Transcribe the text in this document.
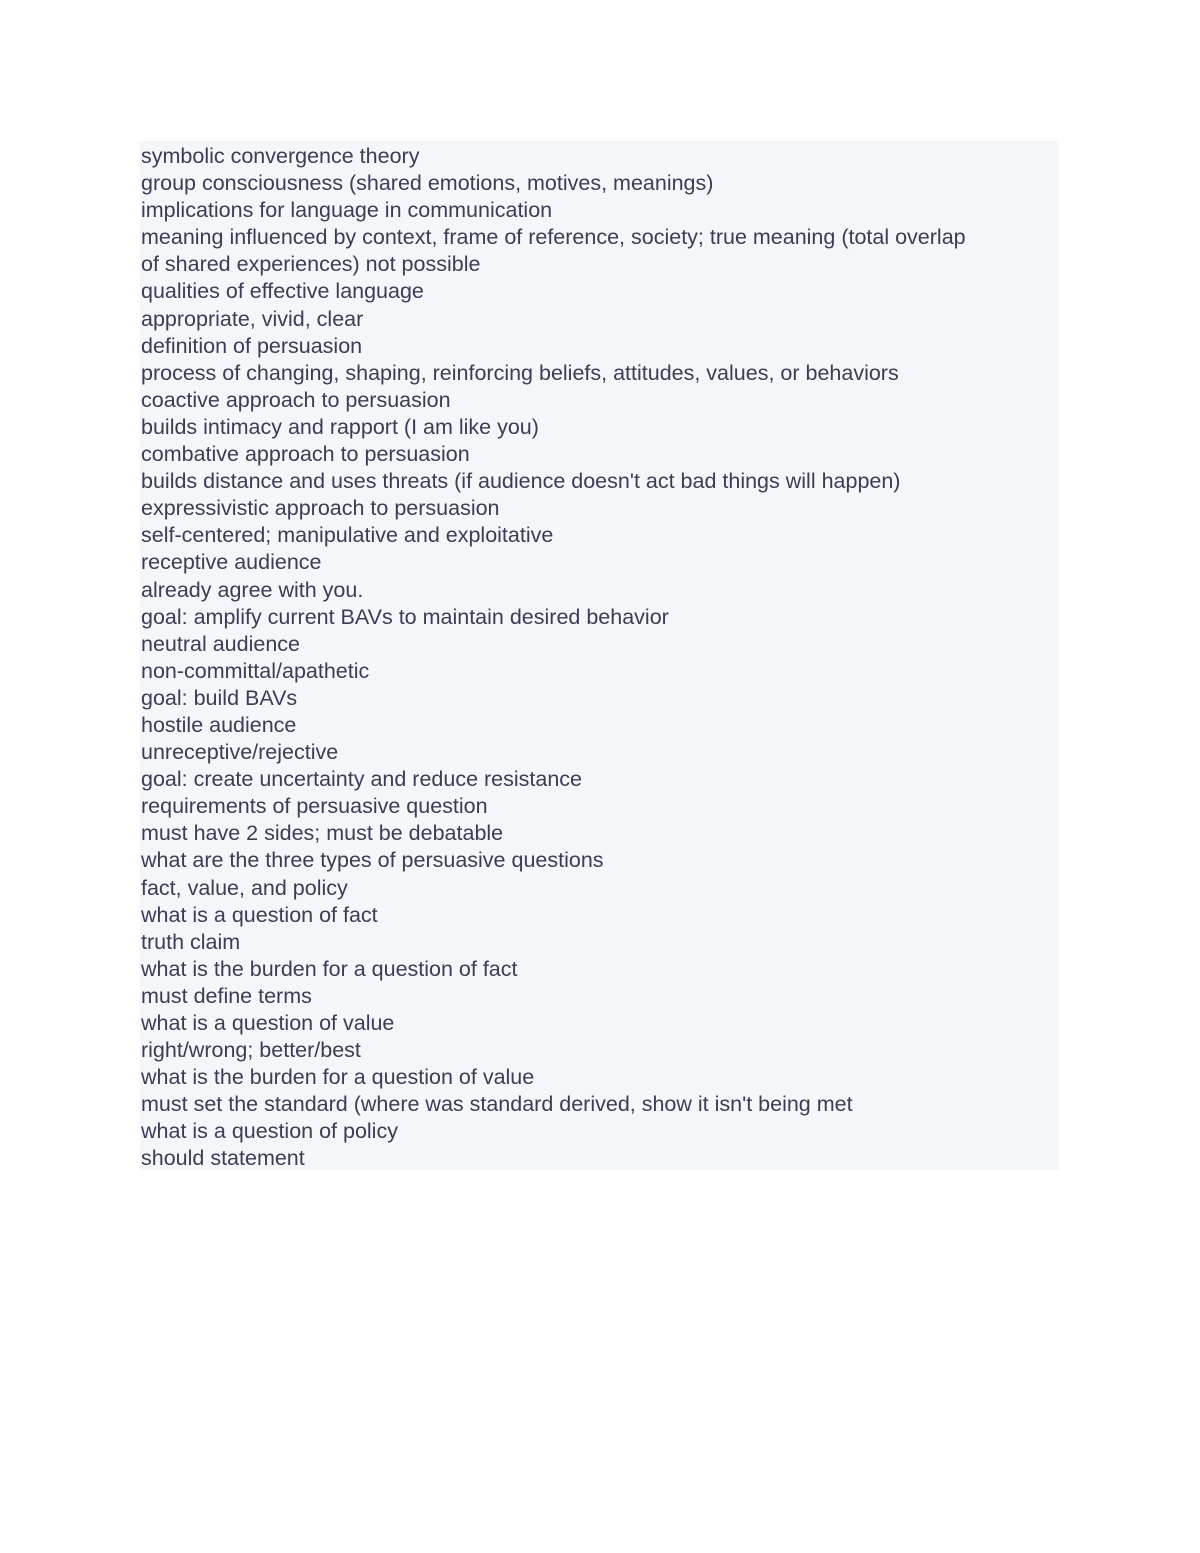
symbolic convergence theory
group consciousness (shared emotions, motives, meanings)
implications for language in communication
meaning influenced by context, frame of reference, society; true meaning (total overlap
of shared experiences) not possible
qualities of effective language
appropriate, vivid, clear
definition of persuasion
process of changing, shaping, reinforcing beliefs, attitudes, values, or behaviors
coactive approach to persuasion
builds intimacy and rapport (I am like you)
combative approach to persuasion
builds distance and uses threats (if audience doesn't act bad things will happen)
expressivistic approach to persuasion
self-centered; manipulative and exploitative
receptive audience
already agree with you.
goal: amplify current BAVs to maintain desired behavior
neutral audience
non-committal/apathetic
goal: build BAVs
hostile audience
unreceptive/rejective
goal: create uncertainty and reduce resistance
requirements of persuasive question
must have 2 sides; must be debatable
what are the three types of persuasive questions
fact, value, and policy
what is a question of fact
truth claim
what is the burden for a question of fact
must define terms
what is a question of value
right/wrong; better/best
what is the burden for a question of value
must set the standard (where was standard derived, show it isn't being met
what is a question of policy
should statement
